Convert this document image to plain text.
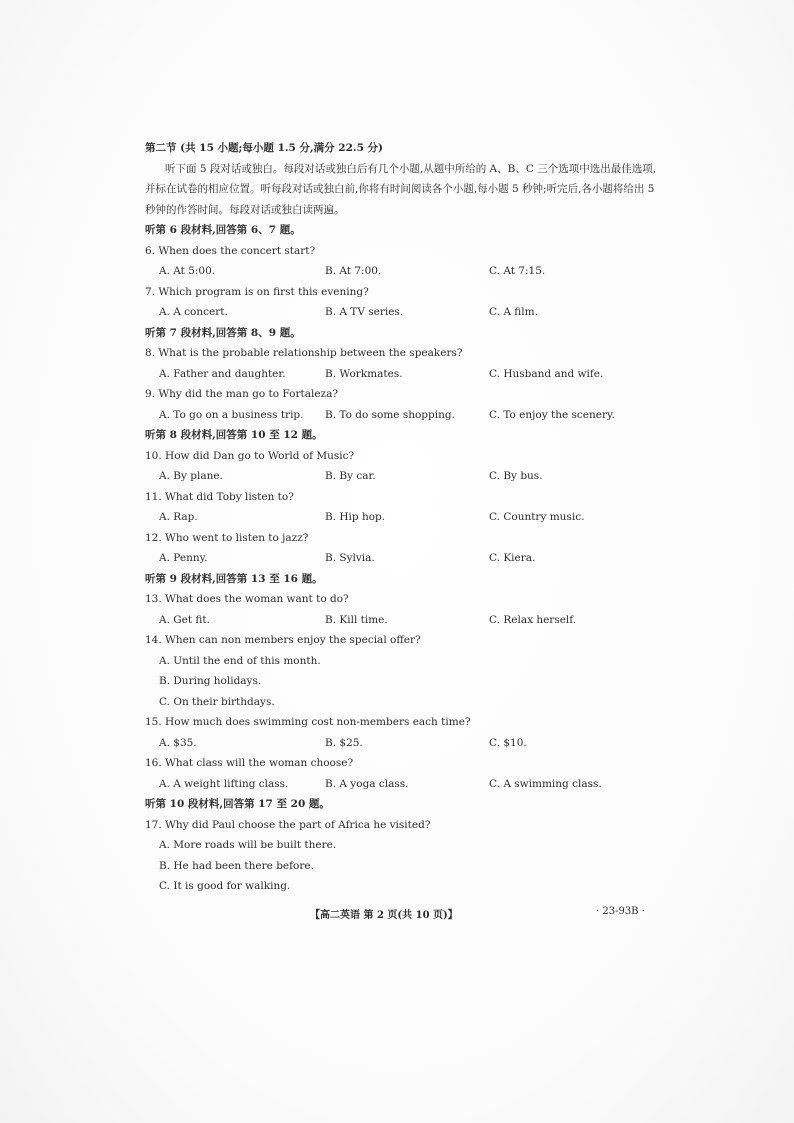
第二节 (共 15 小题;每小题 1.5 分,满分 22.5 分)
听下面 5 段对话或独白。每段对话或独白后有几个小题,从题中所给的 A、B、C 三个选项中选出最佳选项,并标在试卷的相应位置。听每段对话或独白前,你将有时间阅读各个小题,每小题 5 秒钟;听完后,各小题将给出 5 秒钟的作答时间。每段对话或独白读两遍。
听第 6 段材料,回答第 6、7 题。
6. When does the concert start?
A. At 5:00.	B. At 7:00.	C. At 7:15.
7. Which program is on first this evening?
A. A concert.	B. A TV series.	C. A film.
听第 7 段材料,回答第 8、9 题。
8. What is the probable relationship between the speakers?
A. Father and daughter.	B. Workmates.	C. Husband and wife.
9. Why did the man go to Fortaleza?
A. To go on a business trip.	B. To do some shopping.	C. To enjoy the scenery.
听第 8 段材料,回答第 10 至 12 题。
10. How did Dan go to World of Music?
A. By plane.	B. By car.	C. By bus.
11. What did Toby listen to?
A. Rap.	B. Hip hop.	C. Country music.
12. Who went to listen to jazz?
A. Penny.	B. Sylvia.	C. Kiera.
听第 9 段材料,回答第 13 至 16 题。
13. What does the woman want to do?
A. Get fit.	B. Kill time.	C. Relax herself.
14. When can non members enjoy the special offer?
A. Until the end of this month.
B. During holidays.
C. On their birthdays.
15. How much does swimming cost non-members each time?
A. $35.	B. $25.	C. $10.
16. What class will the woman choose?
A. A weight lifting class.	B. A yoga class.	C. A swimming class.
听第 10 段材料,回答第 17 至 20 题。
17. Why did Paul choose the part of Africa he visited?
A. More roads will be built there.
B. He had been there before.
C. It is good for walking.
【高二英语 第 2 页(共 10 页)】	· 23-93B ·
